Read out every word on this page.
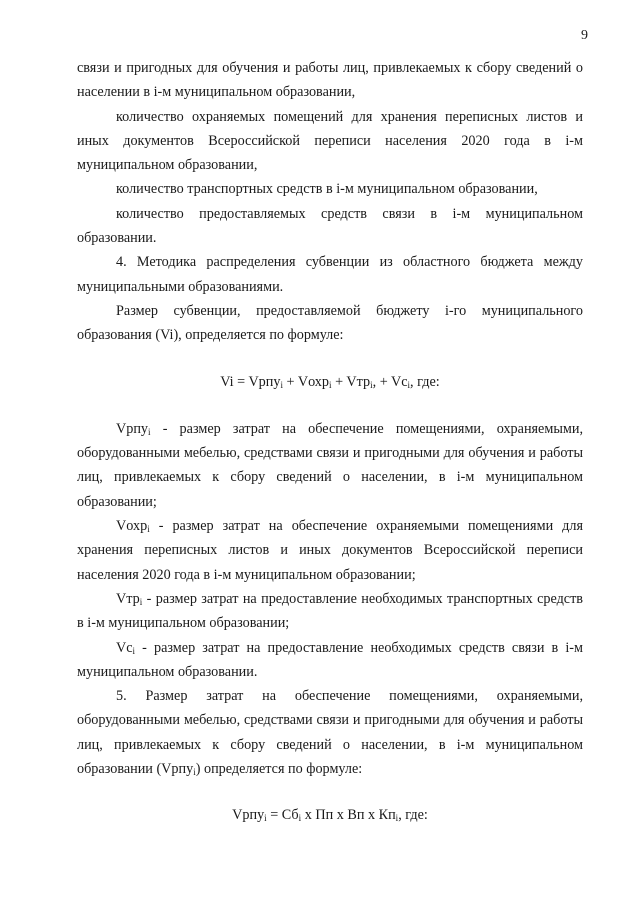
9

связи и пригодных для обучения и работы лиц, привлекаемых к сбору сведений о населении в i-м муниципальном образовании,

количество охраняемых помещений для хранения переписных листов и иных документов Всероссийской переписи населения 2020 года в i-м муниципальном образовании,

количество транспортных средств в i-м муниципальном образовании,

количество предоставляемых средств связи в i-м муниципальном образовании.

4. Методика распределения субвенции из областного бюджета между муниципальными образованиями.

Размер субвенции, предоставляемой бюджету i-го муниципального образования (Vi), определяется по формуле:

Vi = Vрпу$_i$ + Vохр$_i$ + Vтр$_i$, + $Vc_i$, где:

Vрпу$_i$ - размер затрат на обеспечение помещениями, охраняемыми, оборудованными мебелью, средствами связи и пригодными для обучения и работы лиц, привлекаемых к сбору сведений о населении, в i-м муниципальном образовании;

Vохр$_i$ - размер затрат на обеспечение охраняемыми помещениями для хранения переписных листов и иных документов Всероссийской переписи населения 2020 года в i-м муниципальном образовании;

Vтр$_i$ - размер затрат на предоставление необходимых транспортных средств в i-м муниципальном образовании;

$Vc_i$ - размер затрат на предоставление необходимых средств связи в i-м муниципальном образовании.

5. Размер затрат на обеспечение помещениями, охраняемыми, оборудованными мебелью, средствами связи и пригодными для обучения и работы лиц, привлекаемых к сбору сведений о населении, в i-м муниципальном образовании (Vрпу$_i$) определяется по формуле:

Vрпу$_i$ = $Сб_i$ х Пп х Вп х $Кп_i$, где:
